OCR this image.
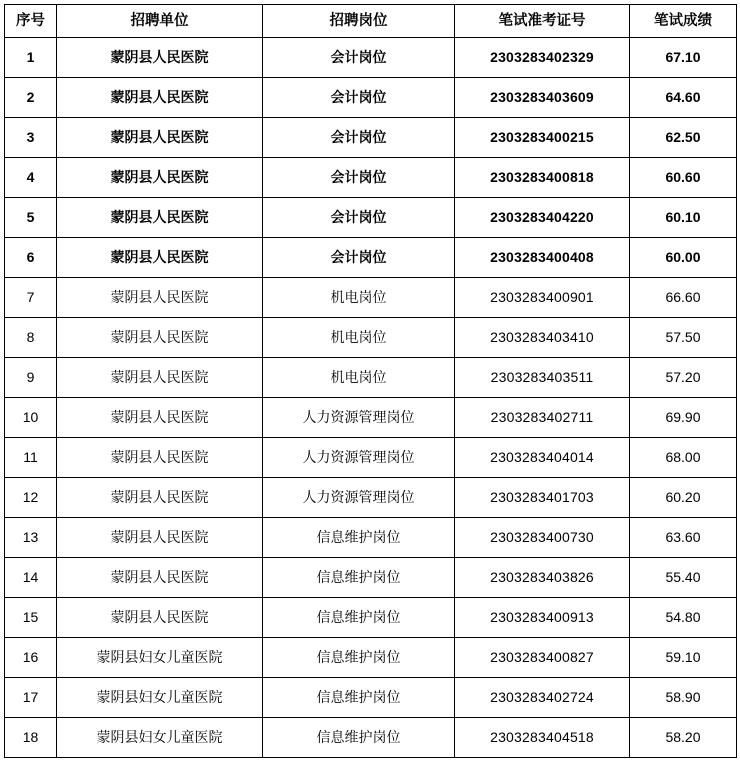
序号	招聘单位	招聘岗位	笔试准考证号	笔试成绩
1	蒙阴县人民医院	会计岗位	2303283402329	67.10
2	蒙阴县人民医院	会计岗位	2303283403609	64.60
3	蒙阴县人民医院	会计岗位	2303283400215	62.50
4	蒙阴县人民医院	会计岗位	2303283400818	60.60
5	蒙阴县人民医院	会计岗位	2303283404220	60.10
6	蒙阴县人民医院	会计岗位	2303283400408	60.00
7	蒙阴县人民医院	机电岗位	2303283400901	66.60
8	蒙阴县人民医院	机电岗位	2303283403410	57.50
9	蒙阴县人民医院	机电岗位	2303283403511	57.20
10	蒙阴县人民医院	人力资源管理岗位	2303283402711	69.90
11	蒙阴县人民医院	人力资源管理岗位	2303283404014	68.00
12	蒙阴县人民医院	人力资源管理岗位	2303283401703	60.20
13	蒙阴县人民医院	信息维护岗位	2303283400730	63.60
14	蒙阴县人民医院	信息维护岗位	2303283403826	55.40
15	蒙阴县人民医院	信息维护岗位	2303283400913	54.80
16	蒙阴县妇女儿童医院	信息维护岗位	2303283400827	59.10
17	蒙阴县妇女儿童医院	信息维护岗位	2303283402724	58.90
18	蒙阴县妇女儿童医院	信息维护岗位	2303283404518	58.20
